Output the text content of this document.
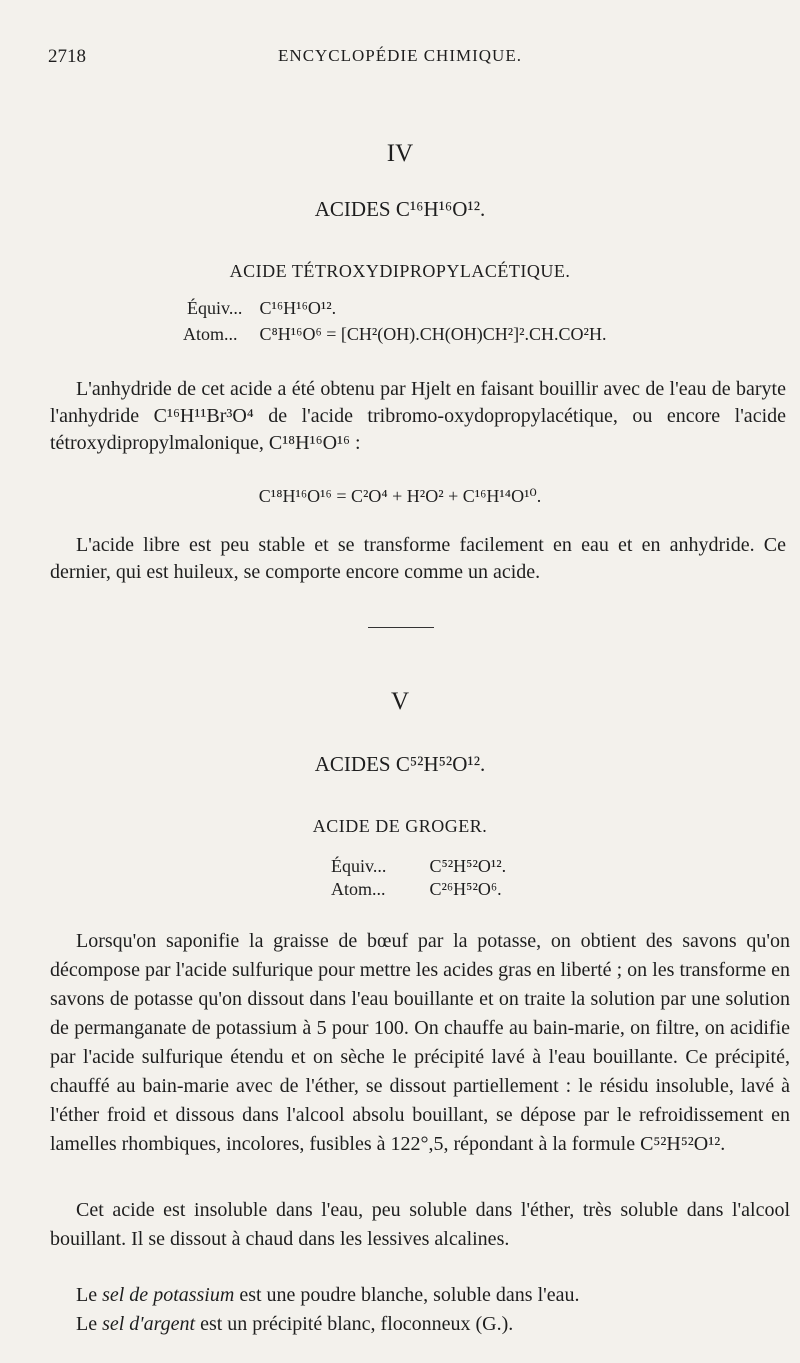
2718	ENCYCLOPÉDIE CHIMIQUE.
IV
ACIDES C¹⁶H¹⁶O¹².
ACIDE TÉTROXYDIPROPYLACÉTIQUE.
Équiv... C¹⁶H¹⁶O¹².
Atom... C⁸H¹⁶O⁶ = [CH²(OH).CH(OH)CH²]².CH.CO²H.

L'anhydride de cet acide a été obtenu par Hjelt en faisant bouillir avec de l'eau de baryte l'anhydride C¹⁶H¹¹Br³O⁴ de l'acide tribromo-oxydopropylacétique, ou encore l'acide tétroxydipropylmalonique, C¹⁸H¹⁶O¹⁶ :

C¹⁸H¹⁶O¹⁶ = C²O⁴ + H²O² + C¹⁶H¹⁴O¹⁰.

L'acide libre est peu stable et se transforme facilement en eau et en anhydride. Ce dernier, qui est huileux, se comporte encore comme un acide.

V
ACIDES C⁵²H⁵²O¹².
ACIDE DE GROGER.
Équiv... C⁵²H⁵²O¹².
Atom... C²⁶H⁵²O⁶.

Lorsqu'on saponifie la graisse de bœuf par la potasse, on obtient des savons qu'on décompose par l'acide sulfurique pour mettre les acides gras en liberté ; on les transforme en savons de potasse qu'on dissout dans l'eau bouillante et on traite la solution par une solution de permanganate de potassium à 5 pour 100. On chauffe au bain-marie, on filtre, on acidifie par l'acide sulfurique étendu et on sèche le précipité lavé à l'eau bouillante. Ce précipité, chauffé au bain-marie avec de l'éther, se dissout partiellement : le résidu insoluble, lavé à l'éther froid et dissous dans l'alcool absolu bouillant, se dépose par le refroidissement en lamelles rhombiques, incolores, fusibles à 122°,5, répondant à la formule C⁵²H⁵²O¹².

Cet acide est insoluble dans l'eau, peu soluble dans l'éther, très soluble dans l'alcool bouillant. Il se dissout à chaud dans les lessives alcalines.

Le sel de potassium est une poudre blanche, soluble dans l'eau.

Le sel d'argent est un précipité blanc, floconneux (G.).
